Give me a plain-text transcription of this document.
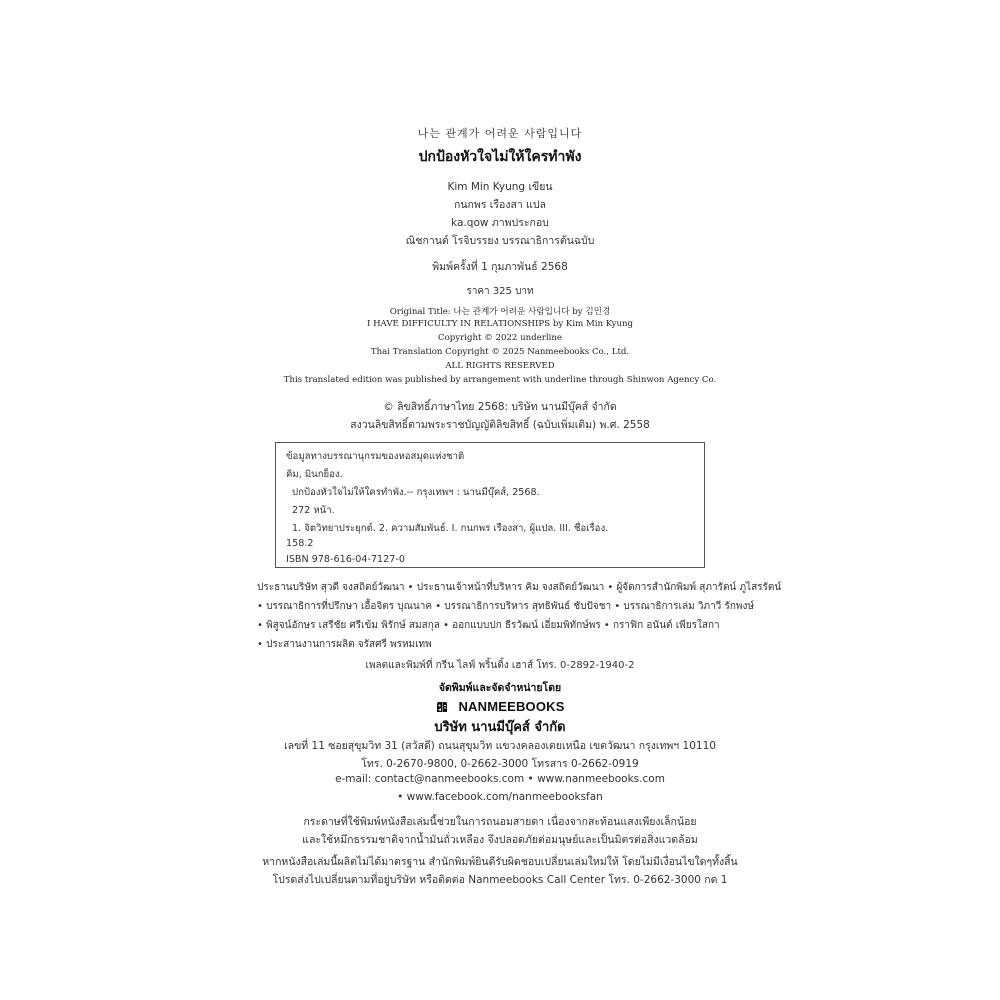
나는 관계가 어려운 사람입니다
ปกป้องหัวใจไม่ให้ใครทำพัง
Kim Min Kyung เขียน
กนกพร เรืองสา แปล
ka.qow ภาพประกอบ
ณิชกานต์ โรจิบรรยง บรรณาธิการต้นฉบับ
พิมพ์ครั้งที่ 1 กุมภาพันธ์ 2568
ราคา 325 บาท
Original Title: 나는 관계가 어려운 사람입니다 by 김민경
I HAVE DIFFICULTY IN RELATIONSHIPS by Kim Min Kyung
Copyright © 2022 underline
Thai Translation Copyright © 2025 Nanmeebooks Co., Ltd.
ALL RIGHTS RESERVED
This translated edition was published by arrangement with underline through Shinwon Agency Co.
© ลิขสิทธิ์ภาษาไทย 2568: บริษัท นานมีบุ๊คส์ จำกัด
สงวนลิขสิทธิ์ตามพระราชบัญญัติลิขสิทธิ์ (ฉบับเพิ่มเติม) พ.ศ. 2558
ข้อมูลทางบรรณานุกรมของหอสมุดแห่งชาติ
คิม, มินกย็อง.
ปกป้องหัวใจไม่ให้ใครทำพัง.-- กรุงเทพฯ : นานมีบุ๊คส์, 2568.
272 หน้า.
1. จิตวิทยาประยุกต์. 2. ความสัมพันธ์. I. กนกพร เรืองสา, ผู้แปล. III. ชื่อเรื่อง.
158.2
ISBN 978-616-04-7127-0
ประธานบริษัท สุวดี จงสถิตย์วัฒนา • ประธานเจ้าหน้าที่บริหาร คิม จงสถิตย์วัฒนา • ผู้จัดการสำนักพิมพ์ สุภารัตน์ ภูไสรรัตน์
• บรรณาธิการที่ปรึกษา เอื้อจิตร บุณนาค • บรรณาธิการบริหาร สุทธิพันธ์ ชับปัจชา • บรรณาธิการเล่ม วิภาวี รักพงษ์
• พิสูจน์อักษร เสรีชัย ศรีเข้ม พิรักษ์ สมสกุล • ออกแบบปก ธีรวัฒน์ เอี่ยมพิทักษ์พร • กราฟิก อนันต์ เพียรใสกา
• ประสานงานการผลิต จรัสศรี พรหมเทพ
เพลตและพิมพ์ที่ กรีน ไลฟ์ พริ้นติ้ง เฮาส์ โทร. 0-2892-1940-2
จัดพิมพ์และจัดจำหน่ายโดย
NANMEEBOOKS
บริษัท นานมีบุ๊คส์ จำกัด
เลขที่ 11 ซอยสุขุมวิท 31 (สวัสดี) ถนนสุขุมวิท แขวงคลองเตยเหนือ เขตวัฒนา กรุงเทพฯ 10110
โทร. 0-2670-9800, 0-2662-3000 โทรสาร 0-2662-0919
e-mail: contact@nanmeebooks.com • www.nanmeebooks.com
• www.facebook.com/nanmeebooksfan
กระดาษที่ใช้พิมพ์หนังสือเล่มนี้ช่วยในการถนอมสายตา เนื่องจากสะท้อนแสงเพียงเล็กน้อย
และใช้หมึกธรรมชาติจากน้ำมันถั่วเหลือง จึงปลอดภัยต่อมนุษย์และเป็นมิตรต่อสิ่งแวดล้อม
หากหนังสือเล่มนี้ผลิตไม่ได้มาตรฐาน สำนักพิมพ์ยินดีรับผิดชอบเปลี่ยนเล่มใหม่ให้ โดยไม่มีเงื่อนไขใดๆทั้งสิ้น
โปรดส่งไปเปลี่ยนตามที่อยู่บริษัท หรือติดต่อ Nanmeebooks Call Center โทร. 0-2662-3000 กด 1
